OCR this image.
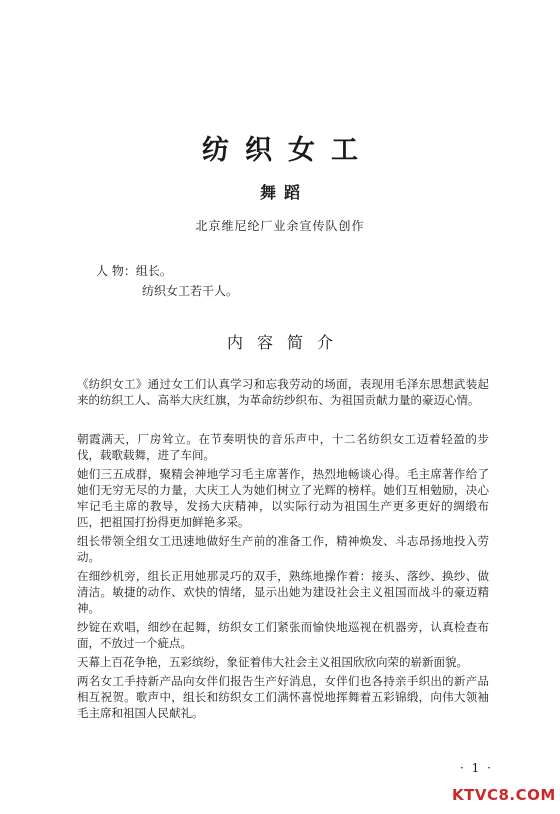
纺织女工
舞蹈
北京维尼纶厂业余宣传队创作
人 物：组长。
纺织女工若干人。
内容简介

《纺织女工》通过女工们认真学习和忘我劳动的场面，表现用毛泽东思想武装起来的纺织工人、高举大庆红旗，为革命纺纱织布、为祖国贡献力量的豪迈心情。

朝霞满天，厂房耸立。在节奏明快的音乐声中，十二名纺织女工迈着轻盈的步伐，载歌载舞，进了车间。

她们三五成群，聚精会神地学习毛主席著作，热烈地畅谈心得。毛主席著作给了她们无穷无尽的力量，大庆工人为她们树立了光辉的榜样。她们互相勉励，决心牢记毛主席的教导，发扬大庆精神，以实际行动为祖国生产更多更好的绸缎布匹，把祖国打扮得更加鲜艳多采。

组长带领全组女工迅速地做好生产前的准备工作，精神焕发、斗志昂扬地投入劳动。

在细纱机旁，组长正用她那灵巧的双手，熟练地操作着：接头、落纱、换纱、做清洁。敏捷的动作、欢快的情绪，显示出她为建设社会主义祖国而战斗的豪迈精神。

纱锭在欢唱，细纱在起舞，纺织女工们紧张而愉快地巡视在机器旁，认真检查布面，不放过一个疵点。

天幕上百花争艳，五彩缤纷，象征着伟大社会主义祖国欣欣向荣的崭新面貌。

两名女工手持新产品向女伴们报告生产好消息，女伴们也各持亲手织出的新产品相互祝贺。歌声中，组长和纺织女工们满怀喜悦地挥舞着五彩锦缎，向伟大领袖毛主席和祖国人民献礼。

· 1 ·
KTVC8.COM
